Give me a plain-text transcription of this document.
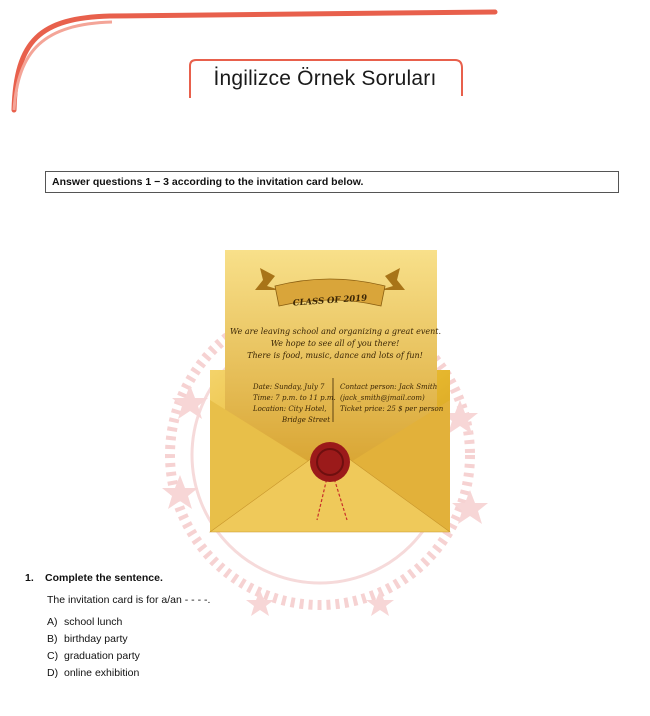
İngilizce Örnek Soruları
Answer questions 1 − 3 according to the invitation card below.
CLASS OF 2019
We are leaving school and organizing a great event.
We hope to see all of you there!
There is food, music, dance and lots of fun!
Date: Sunday, July 7
Time: 7 p.m. to 11 p.m.
Location: City Hotel,
Bridge Street
Contact person: Jack Smith
(jack_smith@jmail.com)
Ticket price: 25 $ per person
1. Complete the sentence.
The invitation card is for a/an - - - -.
A) school lunch
B) birthday party
C) graduation party
D) online exhibition
